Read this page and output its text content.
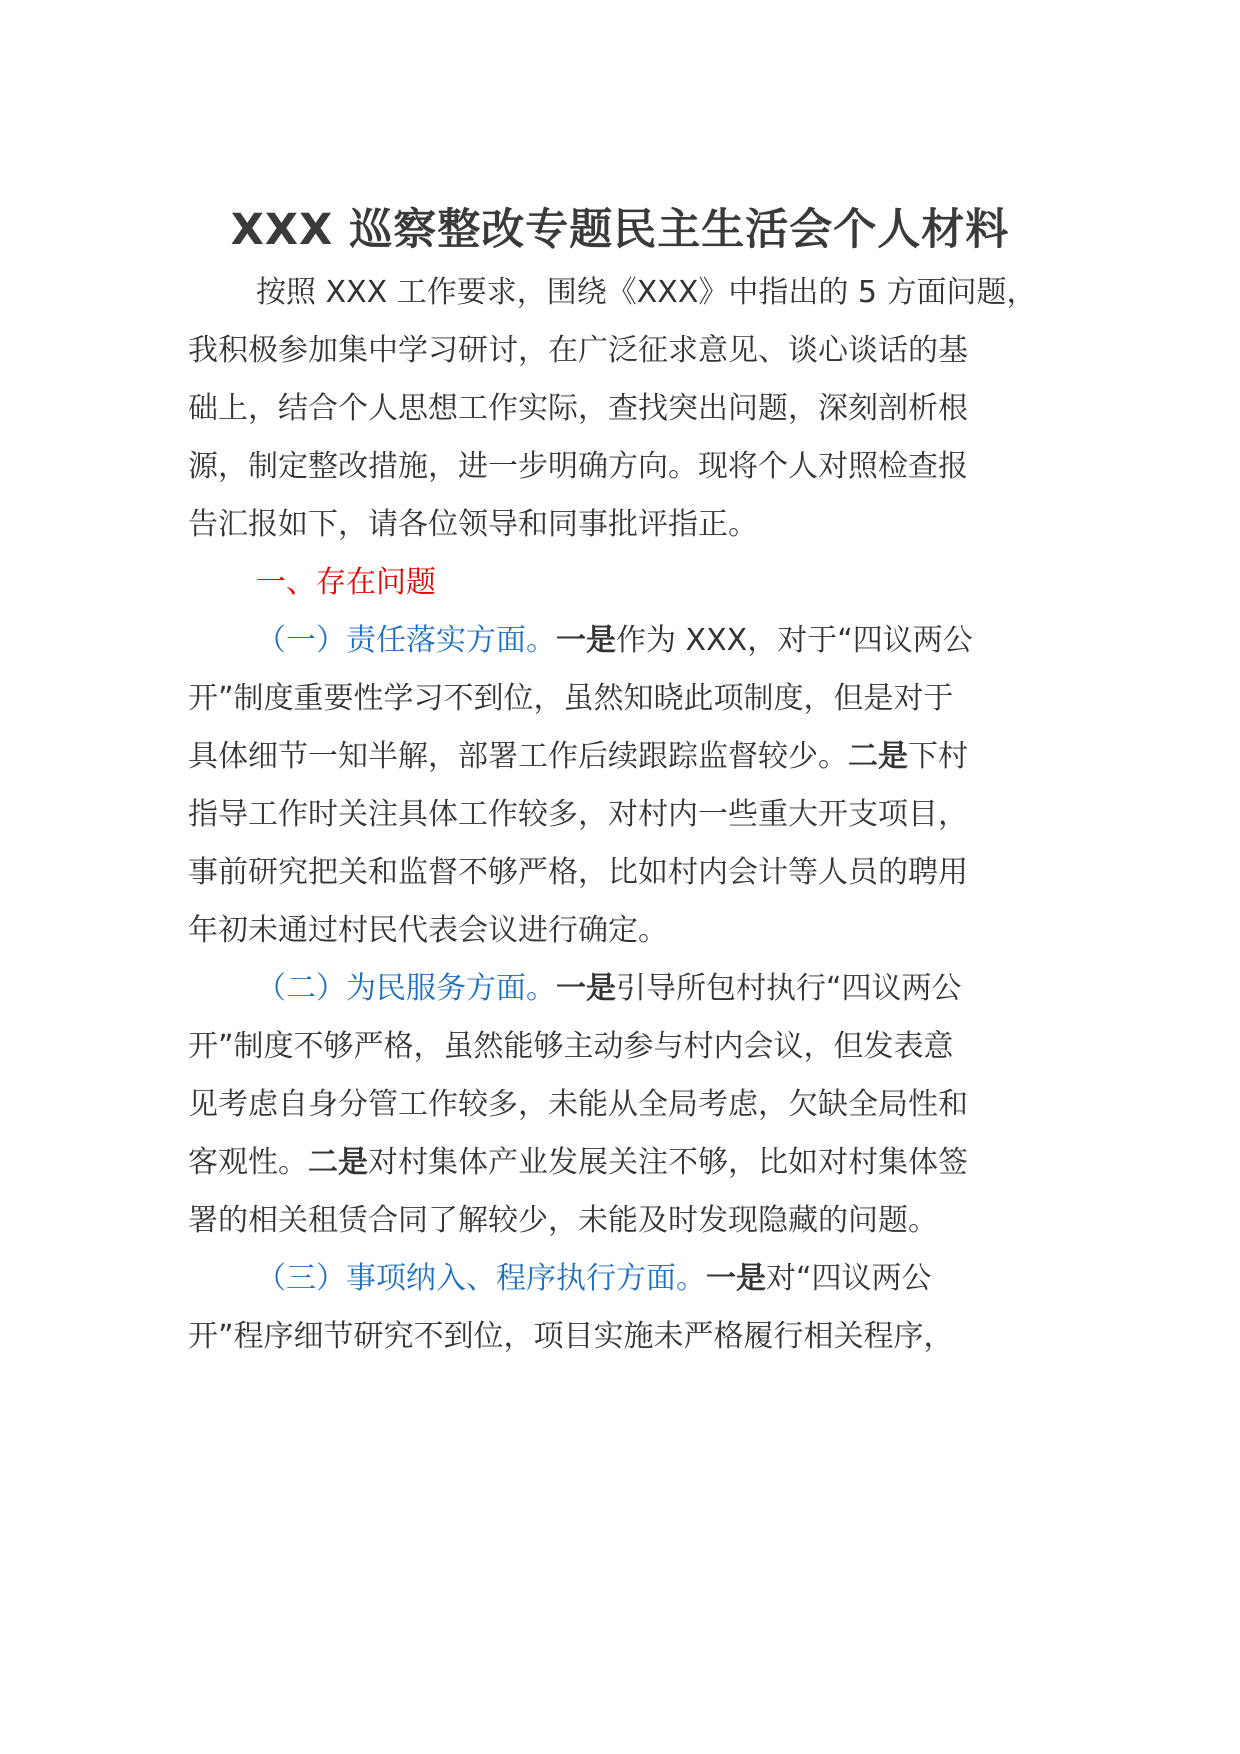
XXX 巡察整改专题民主生活会个人材料
按照 XXX 工作要求，围绕《XXX》中指出的 5 方面问题，
我积极参加集中学习研讨，在广泛征求意见、谈心谈话的基
础上，结合个人思想工作实际，查找突出问题，深刻剖析根
源，制定整改措施，进一步明确方向。现将个人对照检查报
告汇报如下，请各位领导和同事批评指正。
一、存在问题
（一）责任落实方面。一是作为 XXX，对于“四议两公
开”制度重要性学习不到位，虽然知晓此项制度，但是对于
具体细节一知半解，部署工作后续跟踪监督较少。二是下村
指导工作时关注具体工作较多，对村内一些重大开支项目，
事前研究把关和监督不够严格，比如村内会计等人员的聘用
年初未通过村民代表会议进行确定。
（二）为民服务方面。一是引导所包村执行“四议两公
开”制度不够严格，虽然能够主动参与村内会议，但发表意
见考虑自身分管工作较多，未能从全局考虑，欠缺全局性和
客观性。二是对村集体产业发展关注不够，比如对村集体签
署的相关租赁合同了解较少，未能及时发现隐藏的问题。
（三）事项纳入、程序执行方面。一是对“四议两公
开”程序细节研究不到位，项目实施未严格履行相关程序，
